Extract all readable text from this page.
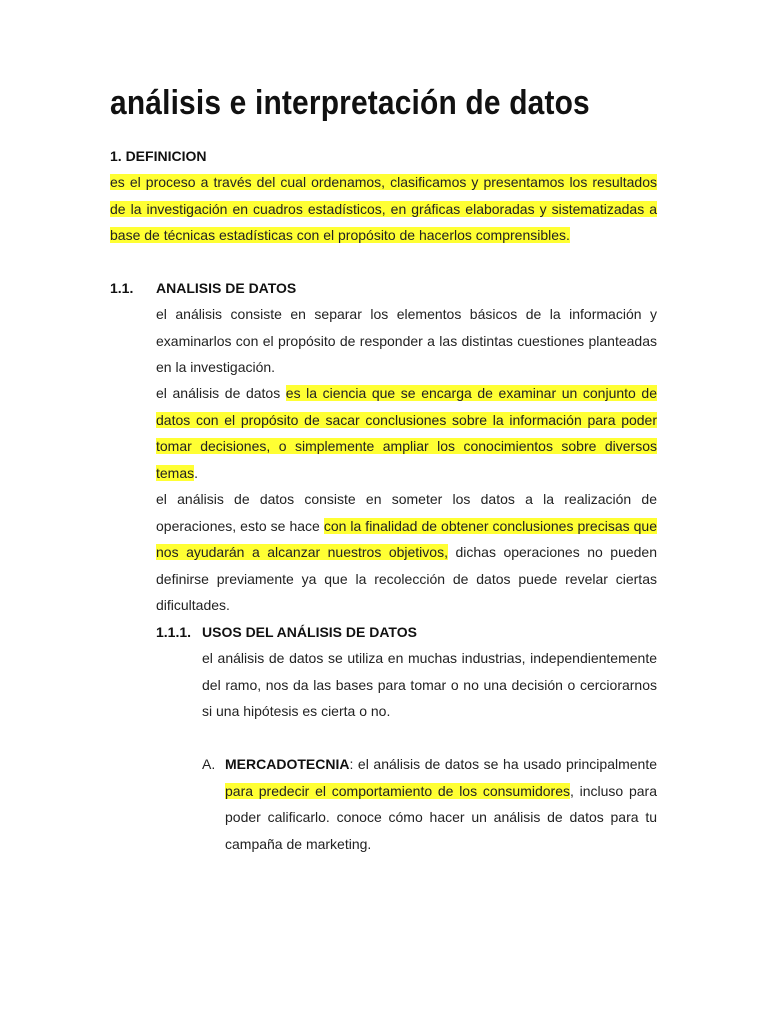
análisis e interpretación de datos
1. DEFINICION

es el proceso a través del cual ordenamos, clasificamos y presentamos los resultados de la investigación en cuadros estadísticos, en gráficas elaboradas y sistematizadas a base de técnicas estadísticas con el propósito de hacerlos comprensibles.

1.1. ANALISIS DE DATOS

el análisis consiste en separar los elementos básicos de la información y examinarlos con el propósito de responder a las distintas cuestiones planteadas en la investigación.

el análisis de datos es la ciencia que se encarga de examinar un conjunto de datos con el propósito de sacar conclusiones sobre la información para poder tomar decisiones, o simplemente ampliar los conocimientos sobre diversos temas.

el análisis de datos consiste en someter los datos a la realización de operaciones, esto se hace con la finalidad de obtener conclusiones precisas que nos ayudarán a alcanzar nuestros objetivos, dichas operaciones no pueden definirse previamente ya que la recolección de datos puede revelar ciertas dificultades.

1.1.1. USOS DEL ANÁLISIS DE DATOS

el análisis de datos se utiliza en muchas industrias, independientemente del ramo, nos da las bases para tomar o no una decisión o cerciorarnos si una hipótesis es cierta o no.

A. MERCADOTECNIA: el análisis de datos se ha usado principalmente para predecir el comportamiento de los consumidores, incluso para poder calificarlo. conoce cómo hacer un análisis de datos para tu campaña de marketing.
